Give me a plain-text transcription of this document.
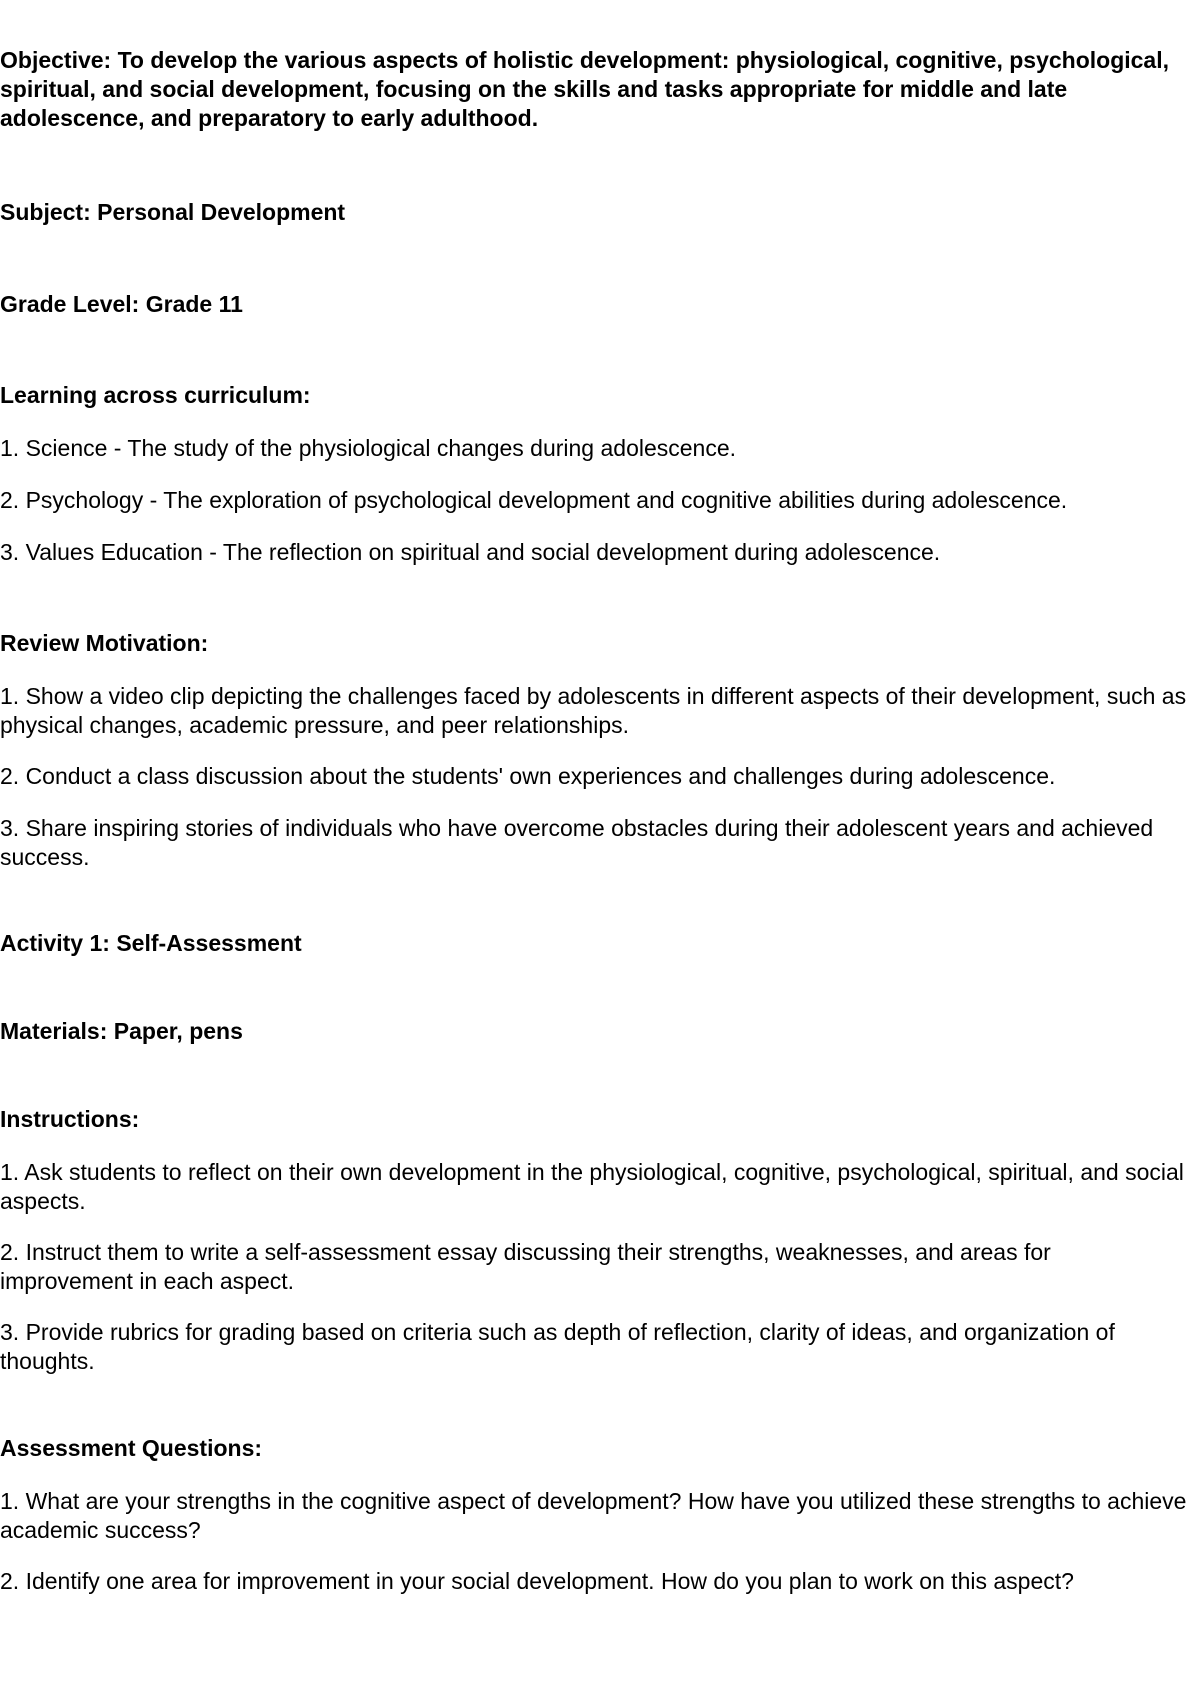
Objective: To develop the various aspects of holistic development: physiological, cognitive, psychological, spiritual, and social development, focusing on the skills and tasks appropriate for middle and late adolescence, and preparatory to early adulthood.

Subject: Personal Development

Grade Level: Grade 11

Learning across curriculum:

1. Science - The study of the physiological changes during adolescence.

2. Psychology - The exploration of psychological development and cognitive abilities during adolescence.

3. Values Education - The reflection on spiritual and social development during adolescence.

Review Motivation:

1. Show a video clip depicting the challenges faced by adolescents in different aspects of their development, such as physical changes, academic pressure, and peer relationships.

2. Conduct a class discussion about the students' own experiences and challenges during adolescence.

3. Share inspiring stories of individuals who have overcome obstacles during their adolescent years and achieved success.

Activity 1: Self-Assessment

Materials: Paper, pens

Instructions:

1. Ask students to reflect on their own development in the physiological, cognitive, psychological, spiritual, and social aspects.

2. Instruct them to write a self-assessment essay discussing their strengths, weaknesses, and areas for improvement in each aspect.

3. Provide rubrics for grading based on criteria such as depth of reflection, clarity of ideas, and organization of thoughts.

Assessment Questions:

1. What are your strengths in the cognitive aspect of development? How have you utilized these strengths to achieve academic success?

2. Identify one area for improvement in your social development. How do you plan to work on this aspect?
